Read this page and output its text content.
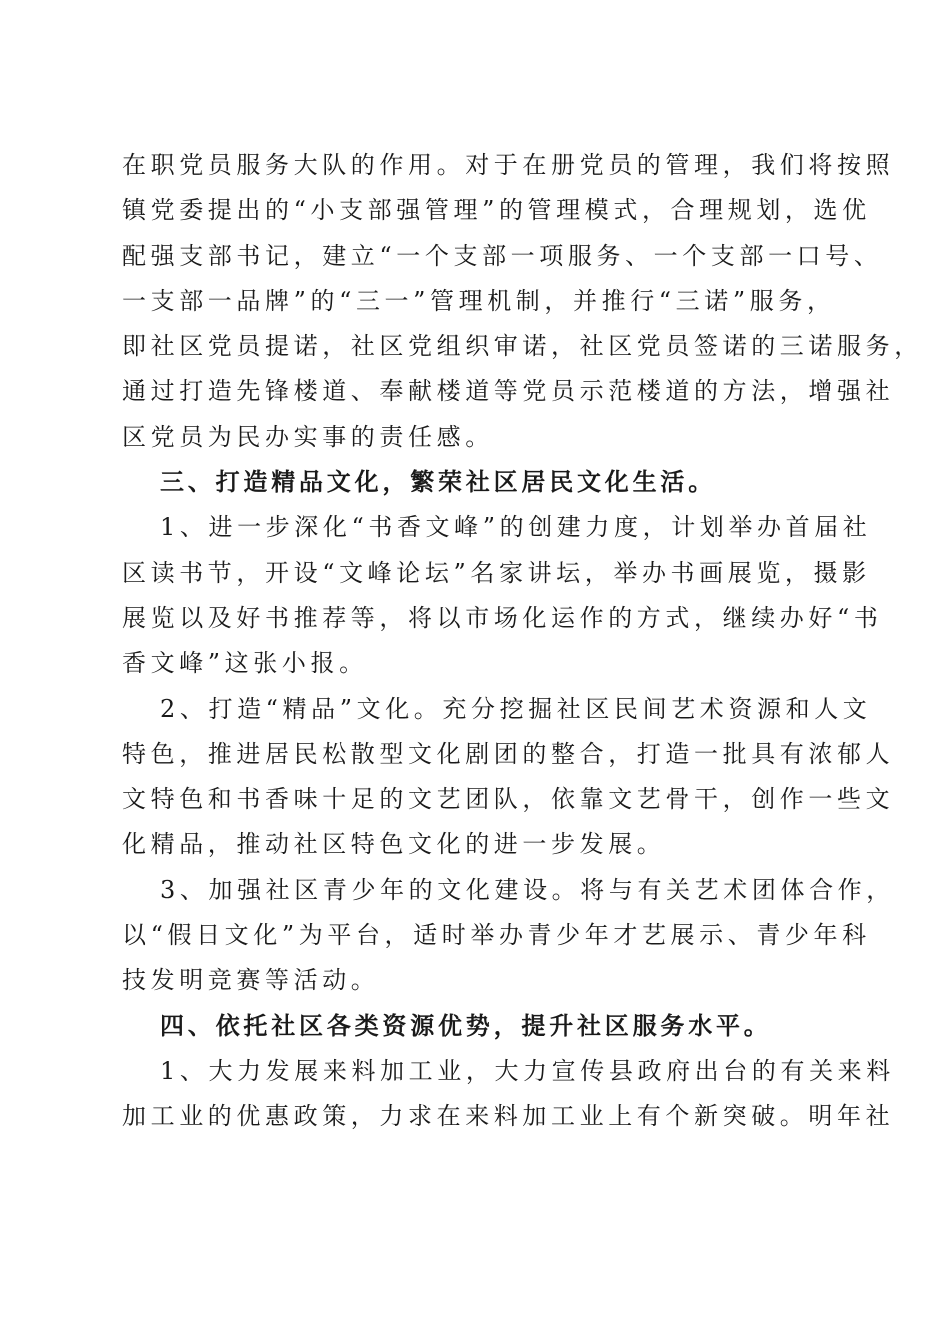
在职党员服务大队的作用。对于在册党员的管理，我们将按照
镇党委提出的“小支部强管理”的管理模式，合理规划，选优
配强支部书记，建立“一个支部一项服务、一个支部一口号、
一支部一品牌”的“三一”管理机制，并推行“三诺”服务，
即社区党员提诺，社区党组织审诺，社区党员签诺的三诺服务，
通过打造先锋楼道、奉献楼道等党员示范楼道的方法，增强社
区党员为民办实事的责任感。
三、打造精品文化，繁荣社区居民文化生活。
1、进一步深化“书香文峰”的创建力度，计划举办首届社
区读书节，开设“文峰论坛”名家讲坛，举办书画展览，摄影
展览以及好书推荐等，将以市场化运作的方式，继续办好“书
香文峰”这张小报。
2、打造“精品”文化。充分挖掘社区民间艺术资源和人文
特色，推进居民松散型文化剧团的整合，打造一批具有浓郁人
文特色和书香味十足的文艺团队，依靠文艺骨干，创作一些文
化精品，推动社区特色文化的进一步发展。
3、加强社区青少年的文化建设。将与有关艺术团体合作，
以“假日文化”为平台，适时举办青少年才艺展示、青少年科
技发明竞赛等活动。
四、依托社区各类资源优势，提升社区服务水平。
1、大力发展来料加工业，大力宣传县政府出台的有关来料
加工业的优惠政策，力求在来料加工业上有个新突破。明年社
